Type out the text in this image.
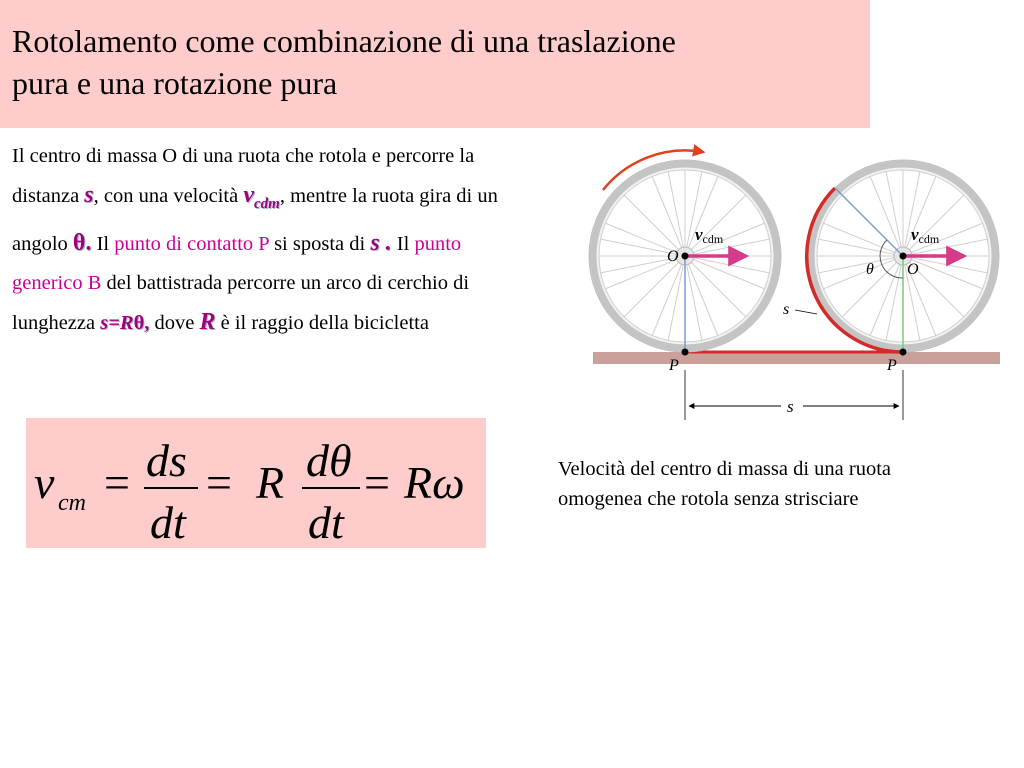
Rotolamento come combinazione di una traslazione
pura e una rotazione pura
Il centro di massa O di una ruota che rotola e percorre la distanza s, con una velocità $v_{cdm}$, mentre la ruota gira di un angolo θ. Il punto di contatto P si sposta di s . Il punto generico B del battistrada percorre un arco di cerchio di lunghezza s=Rθ, dove R è il raggio della bicicletta
v cm
ds
dt
R dθ
dt
Rω
= =	=	Velocità del centro di massa di una ruota
omogenea che rotola senza strisciare
O
P
vcdm
O
θ
P
vcdm
s
s
